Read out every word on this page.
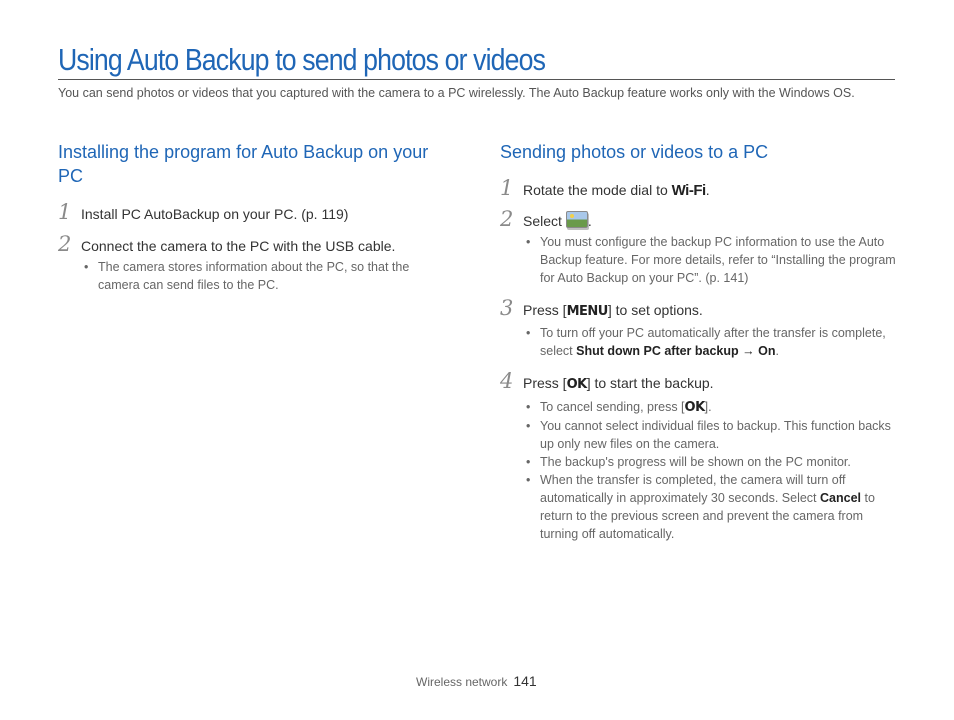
Using Auto Backup to send photos or videos

You can send photos or videos that you captured with the camera to a PC wirelessly. The Auto Backup feature works only with the Windows OS.

Installing the program for Auto Backup on your PC
1 Install PC AutoBackup on your PC. (p. 119)
2 Connect the camera to the PC with the USB cable.
• The camera stores information about the PC, so that the camera can send files to the PC.
Sending photos or videos to a PC
1 Rotate the mode dial to Wi-Fi.
2 Select .
• You must configure the backup PC information to use the Auto Backup feature. For more details, refer to “Installing the program for Auto Backup on your PC”. (p. 141)
3 Press [MENU] to set options.
• To turn off your PC automatically after the transfer is complete, select Shut down PC after backup → On.
4 Press [OK] to start the backup.
• To cancel sending, press [OK].
• You cannot select individual files to backup. This function backs up only new files on the camera.
• The backup's progress will be shown on the PC monitor.
• When the transfer is completed, the camera will turn off automatically in approximately 30 seconds. Select Cancel to return to the previous screen and prevent the camera from turning off automatically.
Wireless network 141
